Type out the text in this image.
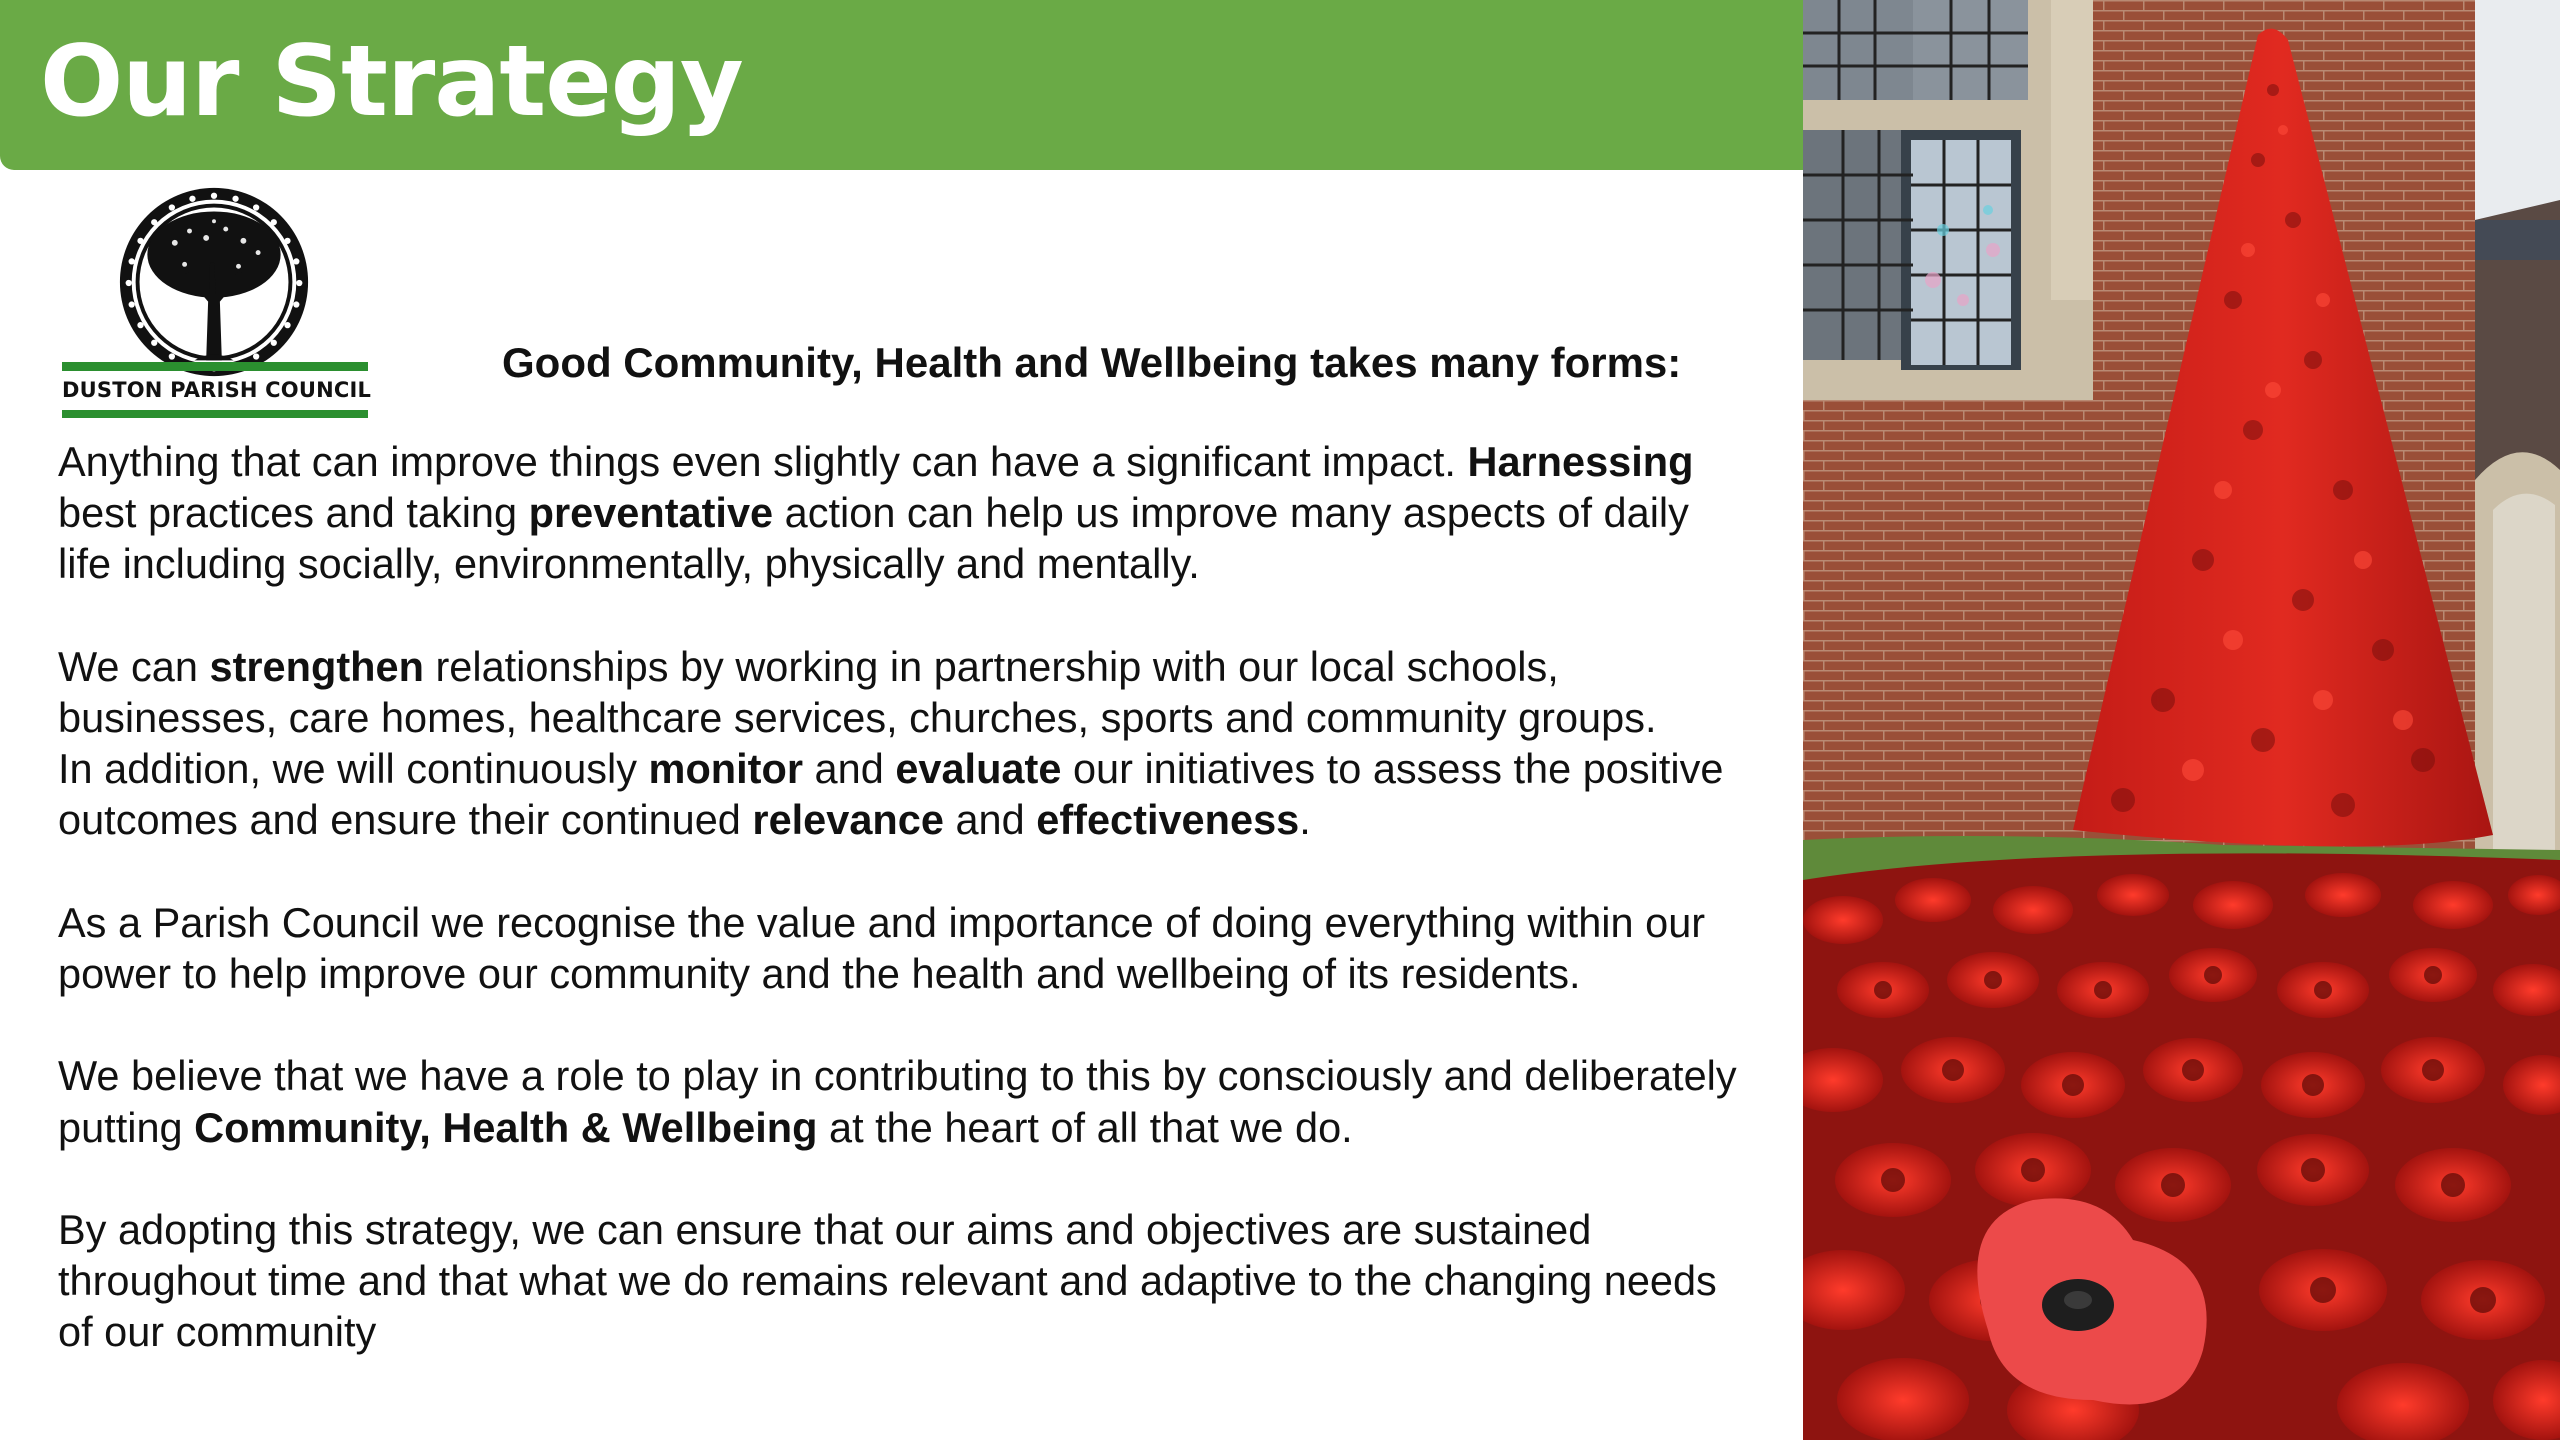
Our Strategy
DUSTON PARISH COUNCIL
Good Community, Health and Wellbeing takes many forms:
Anything that can improve things even slightly can have a significant impact. Harnessing
best practices and taking preventative action can help us improve many aspects of daily
life including socially, environmentally, physically and mentally.
We can strengthen relationships by working in partnership with our local schools,
businesses, care homes, healthcare services, churches, sports and community groups.
In addition, we will continuously monitor and evaluate our initiatives to assess the positive
outcomes and ensure their continued relevance and effectiveness.
As a Parish Council we recognise the value and importance of doing everything within our
power to help improve our community and the health and wellbeing of its residents.
We believe that we have a role to play in contributing to this by consciously and deliberately
putting Community, Health & Wellbeing at the heart of all that we do.
By adopting this strategy, we can ensure that our aims and objectives are sustained
throughout time and that what we do remains relevant and adaptive to the changing needs
of our community
